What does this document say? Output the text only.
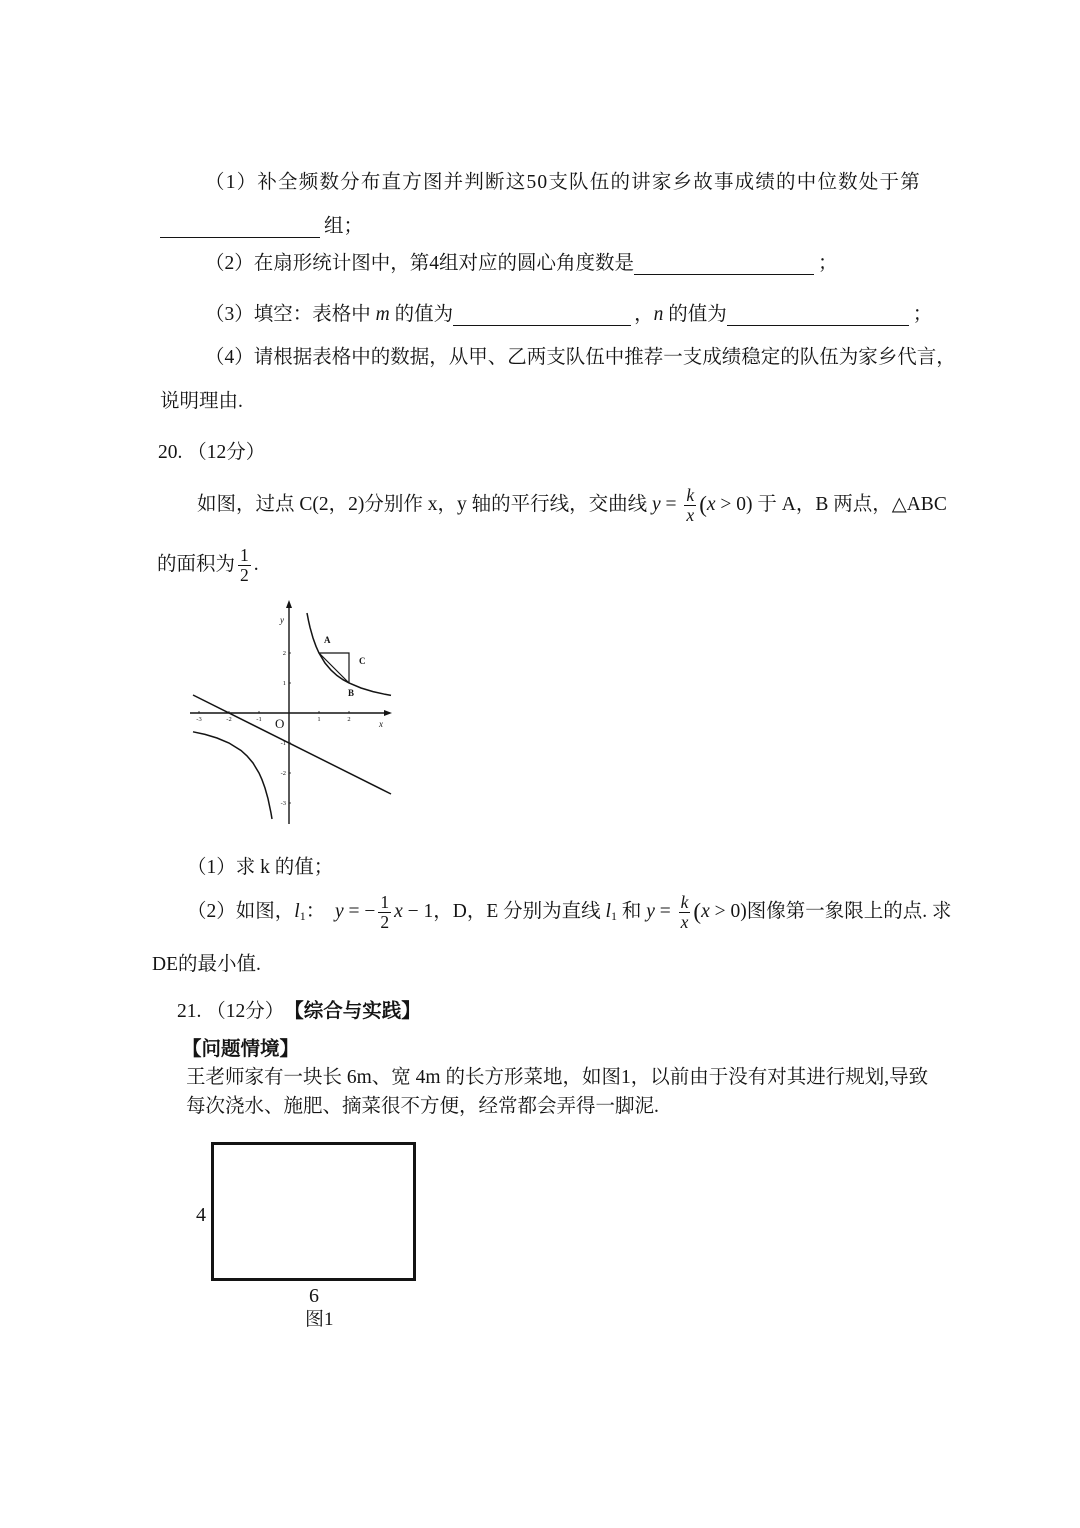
（1）补全频数分布直方图并判断这50支队伍的讲家乡故事成绩的中位数处于第
组；
（2）在扇形统计图中，第4组对应的圆心角度数是	；
（3）填空：表格中 m 的值为	， n 的值为	；
（4）请根据表格中的数据，从甲、乙两支队伍中推荐一支成绩稳定的队伍为家乡代言，
说明理由.
20. （12分）
如图，过点 C(2，2)分别作 x，y 轴的平行线，交曲线 $y = \frac{k}{x}$ ( x > 0) 于 A，B 两点，△ABC
的面积为 $\frac{1}{2}$ .
-3	-2	-1	1	2
2
1
-1
-2
-3
y
x
O
A
C
B
（1）求 k 的值；
（2）如图， $l_1$ ： y = − $\frac{1}{2}$ x − 1 ，D，E 分别为直线 $l_1$ 和 $y = \frac{k}{x}$ ( x > 0) 图像第一象限上的点. 求
DE的最小值.
21. （12分） 【综合与实践】
【问题情境】
王老师家有一块长 6m、宽 4m 的长方形菜地，如图1，以前由于没有对其进行规划,导致
每次浇水、施肥、摘菜很不方便，经常都会弄得一脚泥.
4
6
图1
